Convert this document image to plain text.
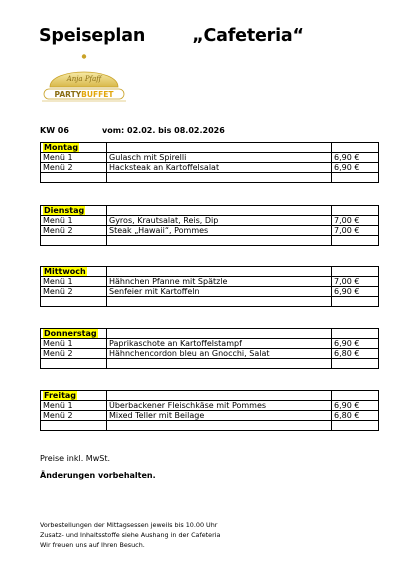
Speiseplan        „Cafeteria“
Anja Pfaff
PARTYBUFFET
KW 06	vom: 02.02. bis 08.02.2026
Montag		
Menü 1	Gulasch mit Spirelli	6,90 €
Menü 2	Hacksteak an Kartoffelsalat	6,90 €

Dienstag		
Menü 1	Gyros, Krautsalat, Reis, Dip	7,00 €
Menü 2	Steak „Hawaii“, Pommes	7,00 €

Mittwoch		
Menü 1	Hähnchen Pfanne mit Spätzle	7,00 €
Menü 2	Senfeier mit Kartoffeln	6,90 €

Donnerstag		
Menü 1	Paprikaschote an Kartoffelstampf	6,90 €
Menü 2	Hähnchencordon bleu an Gnocchi, Salat	6,80 €

Freitag		
Menü 1	Überbackener Fleischkäse mit Pommes	6,90 €
Menü 2	Mixed Teller mit Beilage	6,80 €

Preise inkl. MwSt.
Änderungen vorbehalten.
Vorbestellungen der Mittagsessen jeweils bis 10.00 Uhr
Zusatz- und Inhaltsstoffe siehe Aushang in der Cafeteria
Wir freuen uns auf Ihren Besuch.
